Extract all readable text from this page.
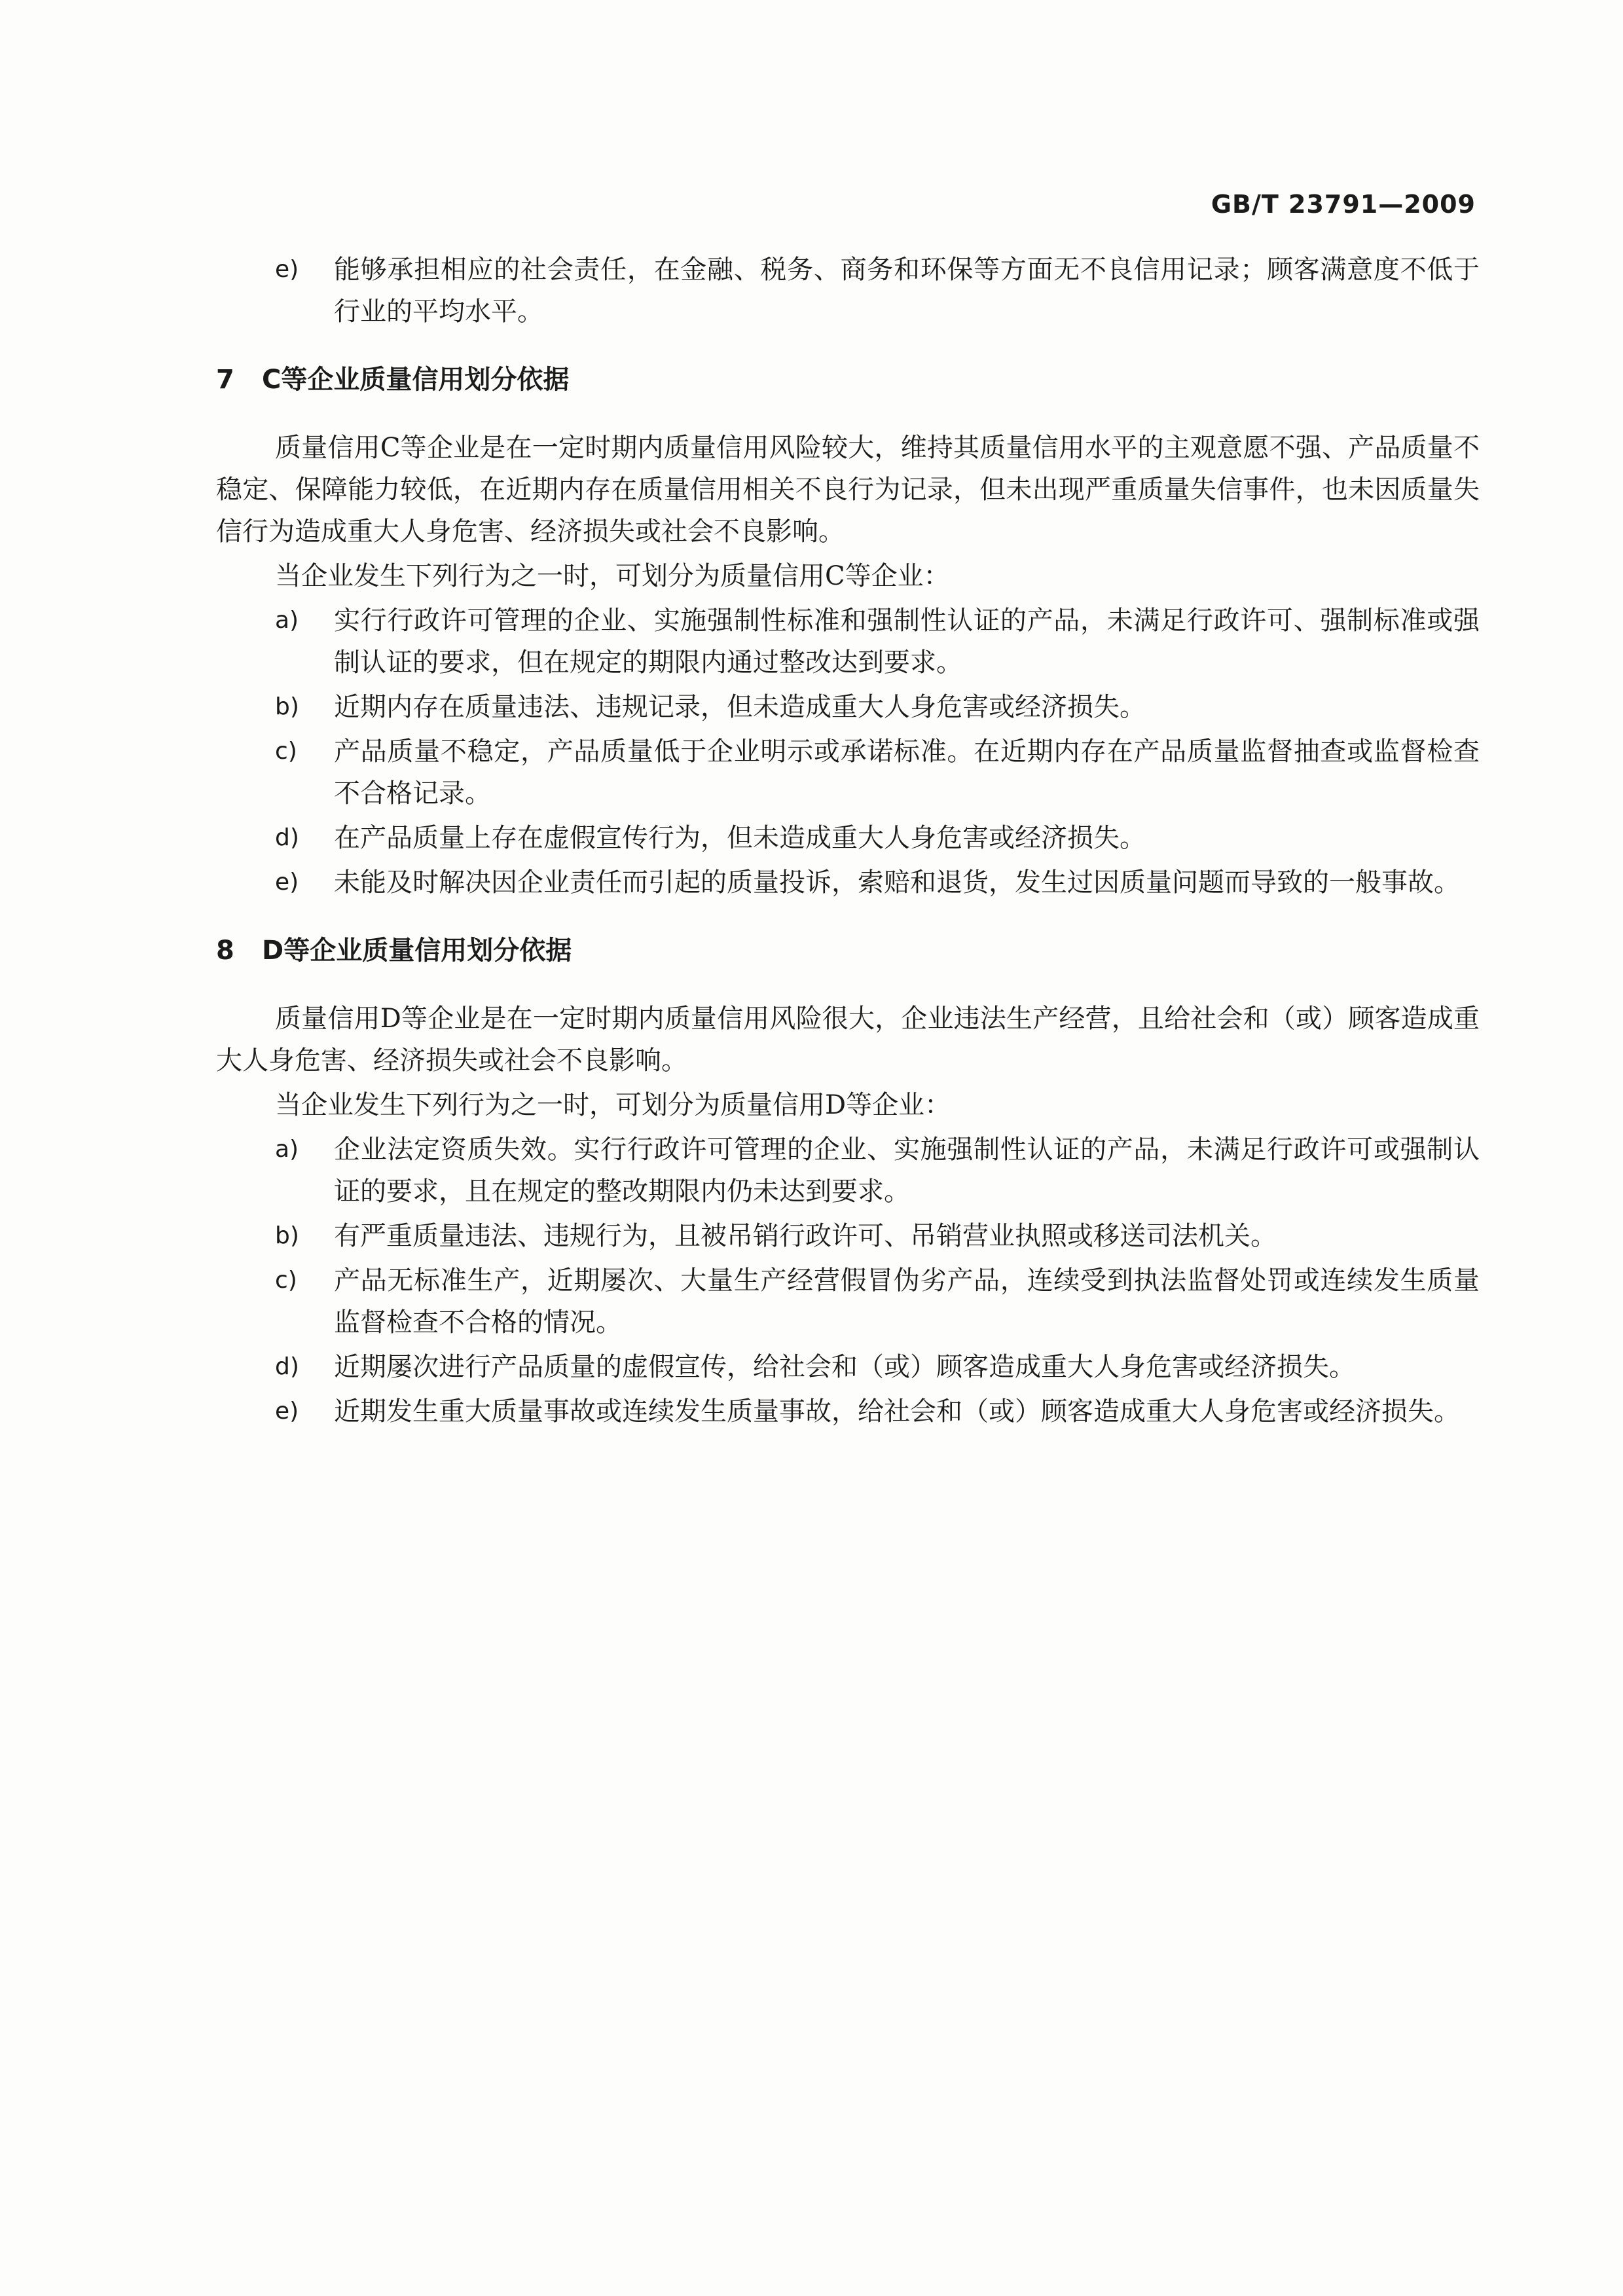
GB/T 23791—2009
e) 能够承担相应的社会责任，在金融、税务、商务和环保等方面无不良信用记录；顾客满意度不低于行业的平均水平。
7	C等企业质量信用划分依据
质量信用C等企业是在一定时期内质量信用风险较大，维持其质量信用水平的主观意愿不强、产品质量不稳定、保障能力较低，在近期内存在质量信用相关不良行为记录，但未出现严重质量失信事件，也未因质量失信行为造成重大人身危害、经济损失或社会不良影响。
当企业发生下列行为之一时，可划分为质量信用C等企业：
a) 实行行政许可管理的企业、实施强制性标准和强制性认证的产品，未满足行政许可、强制标准或强制认证的要求，但在规定的期限内通过整改达到要求。
b) 近期内存在质量违法、违规记录，但未造成重大人身危害或经济损失。
c) 产品质量不稳定，产品质量低于企业明示或承诺标准。在近期内存在产品质量监督抽查或监督检查不合格记录。
d) 在产品质量上存在虚假宣传行为，但未造成重大人身危害或经济损失。
e) 未能及时解决因企业责任而引起的质量投诉，索赔和退货，发生过因质量问题而导致的一般事故。
8	D等企业质量信用划分依据
质量信用D等企业是在一定时期内质量信用风险很大，企业违法生产经营，且给社会和（或）顾客造成重大人身危害、经济损失或社会不良影响。
当企业发生下列行为之一时，可划分为质量信用D等企业：
a) 企业法定资质失效。实行行政许可管理的企业、实施强制性认证的产品，未满足行政许可或强制认证的要求，且在规定的整改期限内仍未达到要求。
b) 有严重质量违法、违规行为，且被吊销行政许可、吊销营业执照或移送司法机关。
c) 产品无标准生产，近期屡次、大量生产经营假冒伪劣产品，连续受到执法监督处罚或连续发生质量监督检查不合格的情况。
d) 近期屡次进行产品质量的虚假宣传，给社会和（或）顾客造成重大人身危害或经济损失。
e) 近期发生重大质量事故或连续发生质量事故，给社会和（或）顾客造成重大人身危害或经济损失。
